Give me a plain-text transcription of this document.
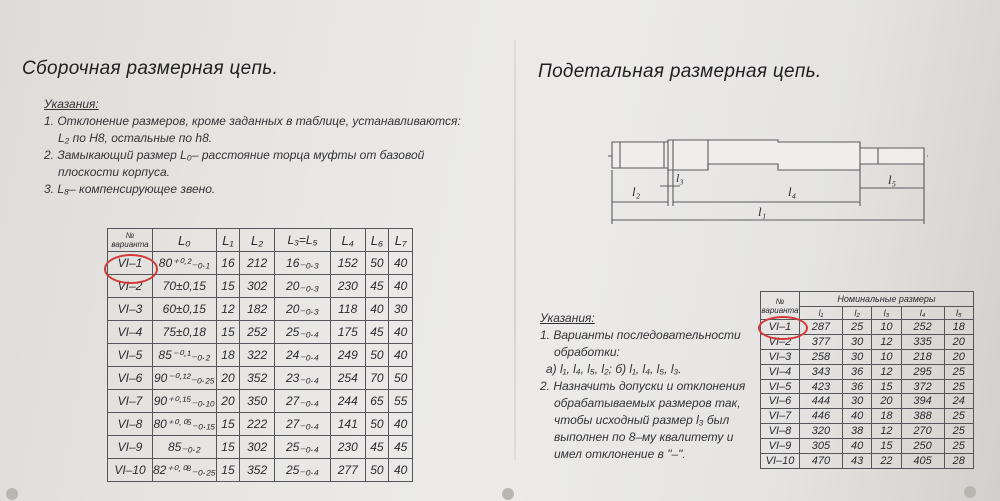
Сборочная размерная цепь.
Указания:
1. Отклонение размеров, кроме заданных в таблице, устанавливаются:
L₂ по H8, остальные по h8.
2. Замыкающий размер L₀– расстояние торца муфты от базовой
плоскости корпуса.
3. L₈– компенсирующее звено.
№
варианта	L₀	L₁	L₂	L₃=L₅	L₄	L₆	L₇
VI–1	80⁺⁰·²₋₀.₁	16	212	16₋₀.₃	152	50	40
VI–2	70±0,15	15	302	20₋₀.₃	230	45	40
VI–3	60±0,15	12	182	20₋₀.₃	118	40	30
VI–4	75±0,18	15	252	25₋₀.₄	175	45	40
VI–5	85⁻⁰·¹₋₀.₂	18	322	24₋₀.₄	249	50	40
VI–6	90⁻⁰·¹²₋₀.₂₅	20	352	23₋₀.₄	254	70	50
VI–7	90⁺⁰·¹⁵₋₀.₁₀	20	350	27₋₀.₄	244	65	55
VI–8	80⁺⁰·⁰⁵₋₀.₁₅	15	222	27₋₀.₄	141	50	40
VI–9	85₋₀.₂	15	302	25₋₀.₄	230	45	45
VI–10	82⁺⁰·⁰⁸₋₀.₂₅	15	352	25₋₀.₄	277	50	40
Подетальная размерная цепь.
l₂
l₃
l₄
l₅
l₁
Указания:
1. Варианты последовательности
обработки:
а) l₁, l₄, l₅, l₂; б) l₁, l₄, l₅, l₃.
2. Назначить допуски и отклонения
обрабатываемых размеров так,
чтобы исходный размер l₃ был
выполнен по 8–му квалитету и
имел отклонение в "–".
№
варианта	Номинальные размеры				
	l₁	l₂	l₃	l₄	l₅
VI–1	287	25	10	252	18
VI–2	377	30	12	335	20
VI–3	258	30	10	218	20
VI–4	343	36	12	295	25
VI–5	423	36	15	372	25
VI–6	444	30	20	394	24
VI–7	446	40	18	388	25
VI–8	320	38	12	270	25
VI–9	305	40	15	250	25
VI–10	470	43	22	405	28
